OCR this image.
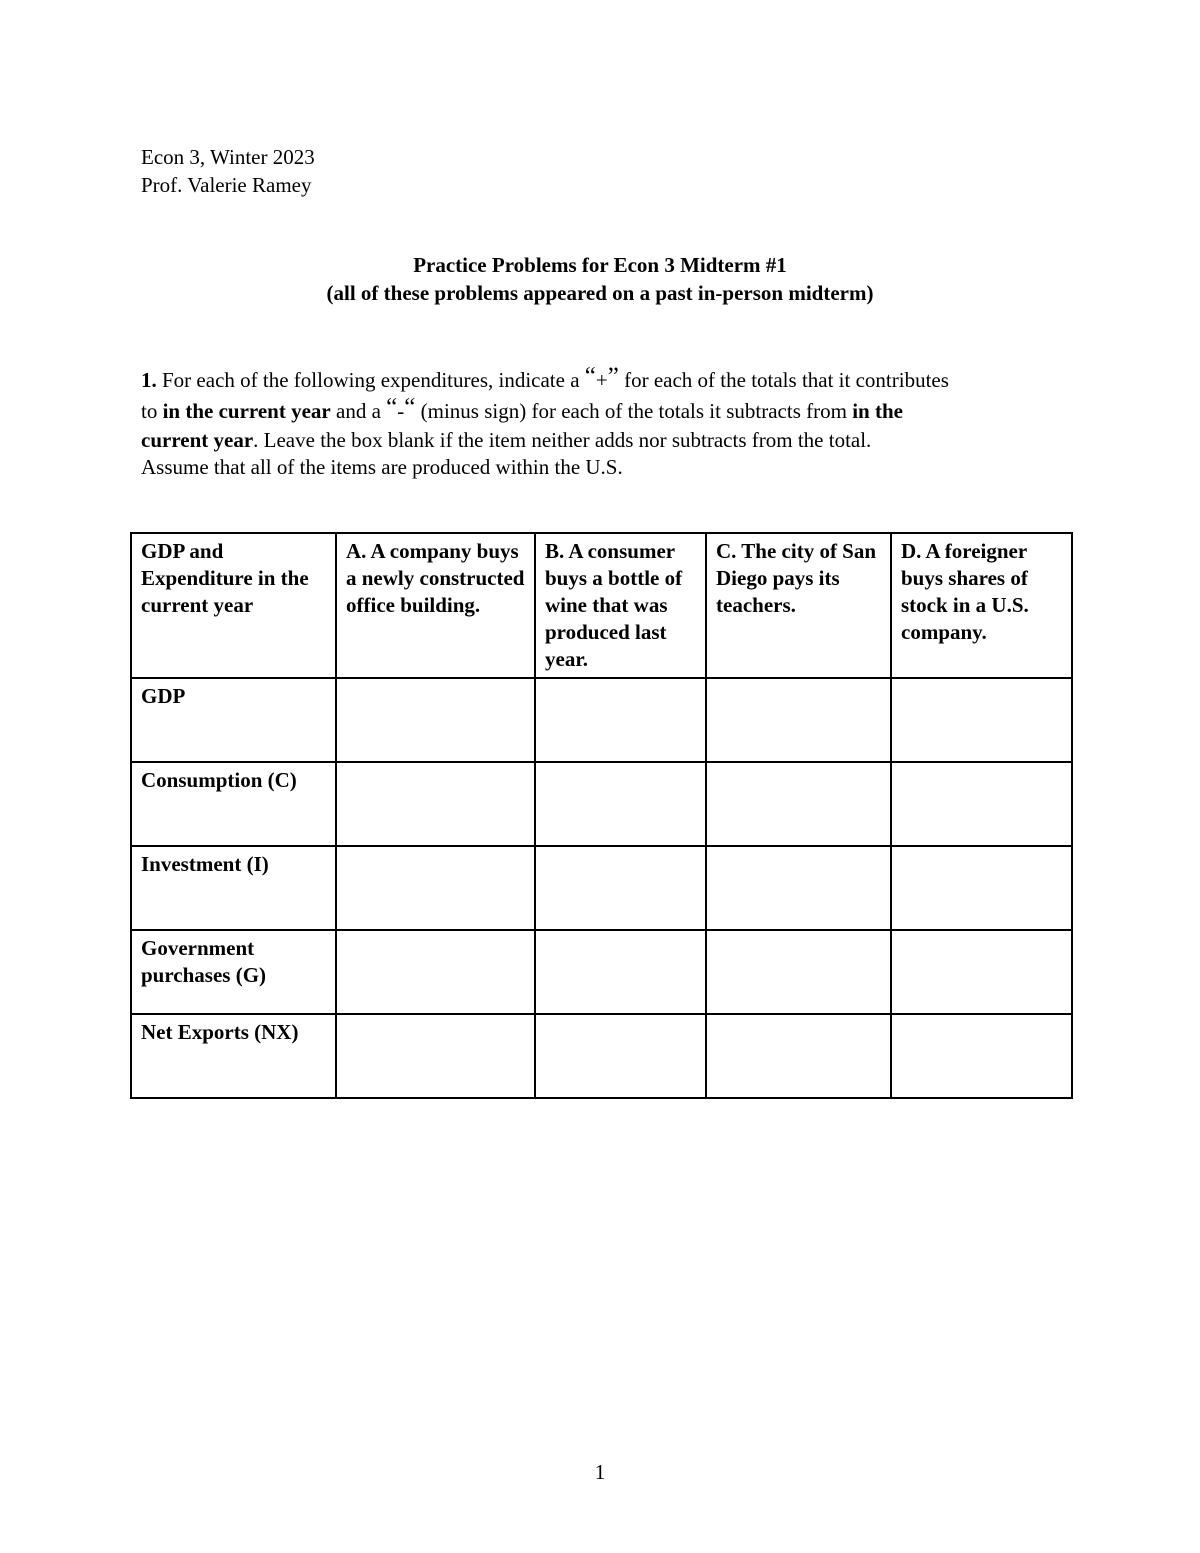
Econ 3, Winter 2023
Prof. Valerie Ramey
Practice Problems for Econ 3 Midterm #1
(all of these problems appeared on a past in-person midterm)
1. For each of the following expenditures, indicate a “+” for each of the totals that it contributes
to in the current year and a “-“ (minus sign) for each of the totals it subtracts from in the
current year. Leave the box blank if the item neither adds nor subtracts from the total.
Assume that all of the items are produced within the U.S.
GDP and Expenditure in the current year	A. A company buys a newly constructed office building.	B. A consumer buys a bottle of wine that was produced last year.	C. The city of San Diego pays its teachers.	D. A foreigner buys shares of stock in a U.S. company.
GDP				
Consumption (C)				
Investment (I)				
Government purchases (G)				
Net Exports (NX)				
1
